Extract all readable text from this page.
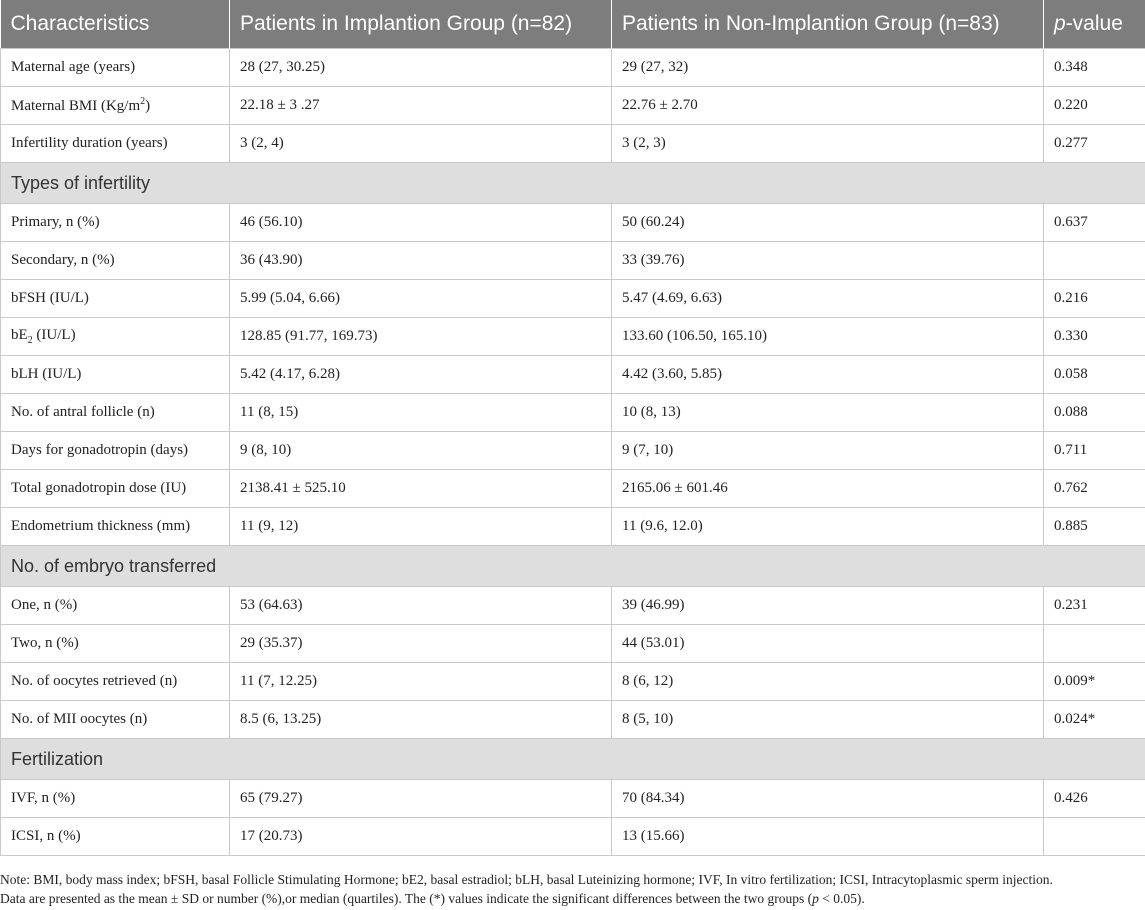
Characteristics	Patients in Implantion Group (n=82)	Patients in Non-Implantion Group (n=83)	p-value
Maternal age (years)	28 (27, 30.25)	29 (27, 32)	0.348
Maternal BMI $(Kg/m^2)$	22.18 ± 3 .27	22.76 ± 2.70	0.220
Infertility duration (years)	3 (2, 4)	3 (2, 3)	0.277
Types of infertility			
Primary, n (%)	46 (56.10)	50 (60.24)	0.637
Secondary, n (%)	36 (43.90)	33 (39.76)	
bFSH (IU/L)	5.99 (5.04, 6.66)	5.47 (4.69, 6.63)	0.216
$bE_2$ (IU/L)	128.85 (91.77, 169.73)	133.60 (106.50, 165.10)	0.330
bLH (IU/L)	5.42 (4.17, 6.28)	4.42 (3.60, 5.85)	0.058
No. of antral follicle (n)	11 (8, 15)	10 (8, 13)	0.088
Days for gonadotropin (days)	9 (8, 10)	9 (7, 10)	0.711
Total gonadotropin dose (IU)	2138.41 ± 525.10	2165.06 ± 601.46	0.762
Endometrium thickness (mm)	11 (9, 12)	11 (9.6, 12.0)	0.885
No. of embryo transferred			
One, n (%)	53 (64.63)	39 (46.99)	0.231
Two, n (%)	29 (35.37)	44 (53.01)	
No. of oocytes retrieved (n)	11 (7, 12.25)	8 (6, 12)	0.009*
No. of MII oocytes (n)	8.5 (6, 13.25)	8 (5, 10)	0.024*
Fertilization			
IVF, n (%)	65 (79.27)	70 (84.34)	0.426
ICSI, n (%)	17 (20.73)	13 (15.66)	

Note: BMI, body mass index; bFSH, basal Follicle Stimulating Hormone; bE2, basal estradiol; bLH, basal Luteinizing hormone; IVF, In vitro fertilization; ICSI, Intracytoplasmic sperm injection.

Data are presented as the mean ± SD or number (%),or median (quartiles). The (*) values indicate the significant differences between the two groups (p < 0.05).
